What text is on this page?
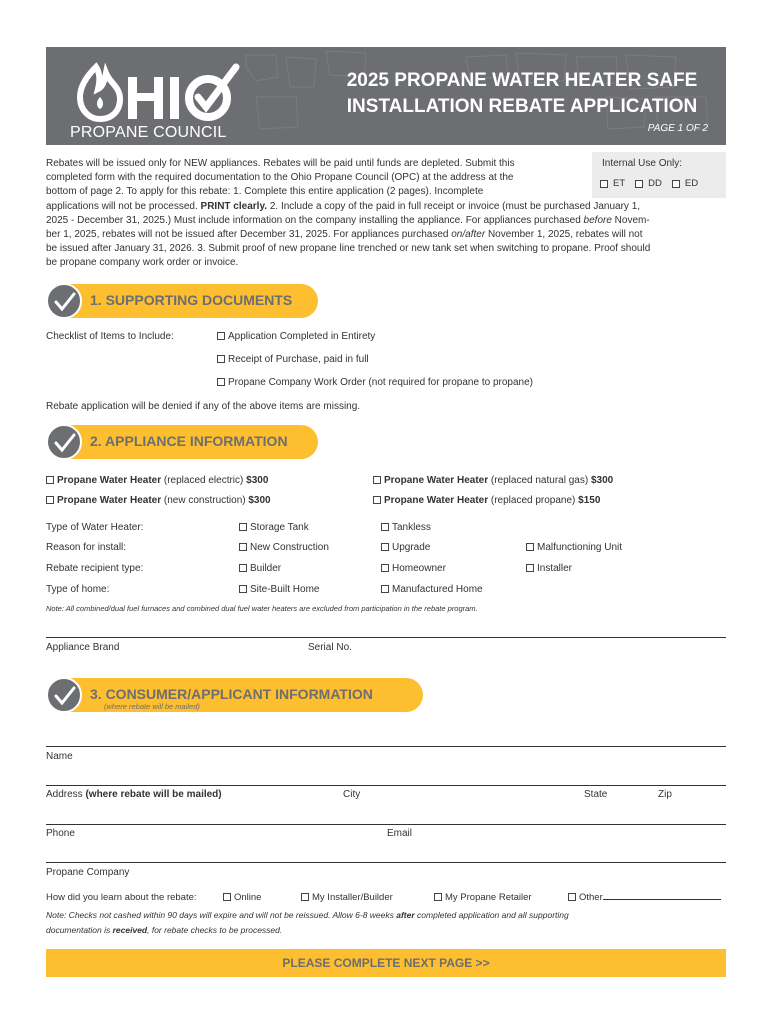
PROPANE COUNCIL
2025 PROPANE WATER HEATER SAFE
INSTALLATION REBATE APPLICATION
PAGE 1 OF 2
Internal Use Only:
ET DD ED
Rebates will be issued only for NEW appliances. Rebates will be paid until funds are depleted. Submit this
completed form with the required documentation to the Ohio Propane Council (OPC) at the address at the
bottom of page 2. To apply for this rebate: 1. Complete this entire application (2 pages). Incomplete
applications will not be processed. PRINT clearly. 2. Include a copy of the paid in full receipt or invoice (must be purchased January 1,
2025 - December 31, 2025.) Must include information on the company installing the appliance. For appliances purchased before Novem-
ber 1, 2025, rebates will not be issued after December 31, 2025. For appliances purchased on/after November 1, 2025, rebates will not
be issued after January 31, 2026. 3. Submit proof of new propane line trenched or new tank set when switching to propane. Proof should
be propane company work order or invoice.
1. SUPPORTING DOCUMENTS
Checklist of Items to Include:	Application Completed in Entirety
Receipt of Purchase, paid in full
Propane Company Work Order (not required for propane to propane)
Rebate application will be denied if any of the above items are missing.
2. APPLIANCE INFORMATION
Propane Water Heater (replaced electric) $300	Propane Water Heater (replaced natural gas) $300
Propane Water Heater (new construction) $300	Propane Water Heater (replaced propane) $150
Type of Water Heater:	Storage Tank	Tankless
Reason for install:	New Construction	Upgrade	Malfunctioning Unit
Rebate recipient type:	Builder	Homeowner	Installer
Type of home:	Site-Built Home	Manufactured Home
Note: All combined/dual fuel furnaces and combined dual fuel water heaters are excluded from participation in the rebate program.
Appliance Brand	Serial No.
3. CONSUMER/APPLICANT INFORMATION
(where rebate will be mailed)
Name
Address (where rebate will be mailed)	City	State	Zip
Phone	Email
Propane Company
How did you learn about the rebate:	Online	My Installer/Builder	My Propane Retailer	Other
Note: Checks not cashed within 90 days will expire and will not be reissued. Allow 6-8 weeks after completed application and all supporting
documentation is received, for rebate checks to be processed.
PLEASE COMPLETE NEXT PAGE >>
